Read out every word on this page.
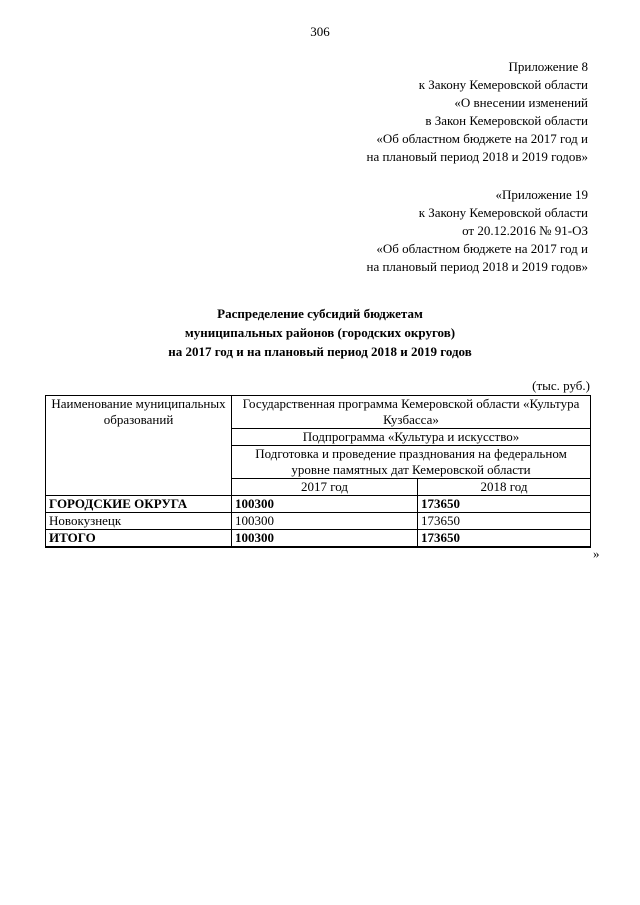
306
Приложение 8
к Закону Кемеровской области
«О внесении изменений
в Закон Кемеровской области
«Об областном бюджете на 2017 год и
на плановый период 2018 и 2019 годов»
«Приложение 19
к Закону Кемеровской области
от 20.12.2016 № 91-ОЗ
«Об областном бюджете на 2017 год и
на плановый период 2018 и 2019 годов»
Распределение субсидий бюджетам
муниципальных районов (городских округов)
на 2017 год и на плановый период 2018 и 2019 годов
(тыс. руб.)
Наименование муниципальных образований	Государственная программа Кемеровской области «Культура Кузбасса»	
	Подпрограмма «Культура и искусство»	
	Подготовка и проведение празднования на федеральном уровне памятных дат Кемеровской области	
	2017 год	2018 год
ГОРОДСКИЕ ОКРУГА	100300	173650
Новокузнецк	100300	173650
ИТОГО	100300	173650
»
